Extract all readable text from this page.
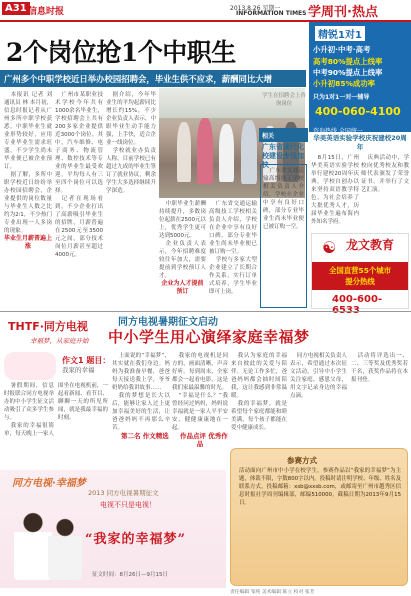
A31 信息时报	2013.8.26 星期一
INFORMATION TIMES 学周刊·热点
2个岗位抢1个中职生
广州多个中职学校近日举办校园招聘会，毕业生供不应求，薪酬同比大增
精锐1对1
小升初·中考·高考
高考80%提点上线率
中考90%提点上线率
小升初85%成功率
只为1对1一对一辅导
400-060-4100
咨询热线 全国统一

本报讯 记者 刘 通讯员 林 本月初，信息时报记者从广州多所中职学校获悉，中职毕业生就业形势较好，应用专业毕业生需求旺盛，不少学生尚未毕业便已被企业预订。

据了解，多所中职学校近日纷纷举办校园招聘会，企业提供的岗位数量与毕业生人数之比约为2∶1，不少热门专业出现一人多岗的现象。

毕业生月薪普遍上涨

广州市某职业技术学校今年共有1000余名毕业生，学校招聘会上共有200多家企业提供近3000个岗位。其中，汽车维修、电子商务、物流管理、数控技术等专业的毕业生最受欢迎，平均每人有三至四个岗位可以选择。

记者在现场看到，不少企业打出了高薪吸引毕业生的招牌，月薪普遍在2500元至3500元之间，部分技术岗位月薪甚至超过4000元。

据介绍，今年毕业生的平均起薪同比增长约15%。不少企业负责人表示，中职毕业生动手能力强，上手快，适合企业一线岗位。

学校就业办负责人称，目前学校已有超过九成的毕业生签订了就业协议，剩余学生大多选择继续升学深造。

学生在招聘会上咨询岗位

中职毕业生薪酬持续提升，多数岗位起薪在2500元以上，优秀学生更可达到5000元。

企业负责人表示，今年招聘难度较往年加大，需要提前到学校预订人才。

企业为人才提前预订

广东省交通运输高级技工学校相关负责人介绍，学校在企业中享有良好口碑，部分专业毕业生尚未毕业便已被订购一空。

学校与多家大型企业建立了长期合作关系，实行订单式培养，学生毕业即可上岗。

相关
广东省现代化校建设步伐加快

广东省交通运输高级技工学校相关负责人介绍，学校在企业中享有良好口碑，部分专业毕业生尚未毕业便已被订购一空。

华美英语实验学校庆祝建校20周年

8月15日，广州华美英语实验学校举行建校20周年庆典。学校自创办以来坚持双语教学特色，为社会培养了大批优秀人才，历届毕业生遍布海内外知名学府。

庆典活动中，学校向优秀校友和教师代表颁发了荣誉证书，并举行了文艺汇演。

龙文教育
☯
全国直营55个城市
提分热线
400-600-
THTF·同方电视
幸福梦，从家庭开始
同方电视暑期征文启动
中小学生用心演绎家庭幸福梦
作文1 题目：
我家的幸福

暑假期间，信息时报联合同方电视举办的中小学生征文活动吸引了众多学生参与。

我家的幸福很简单，每天晚上一家人围坐在电视机前，一起看新闻、看节目、聊聊一天的所见所闻，就是我最幸福的时刻。

上面说的“幸福梦”，其实就在我们身边。妈妈为我准备早餐，爸爸每天接送我上学，爷爷奶奶给我讲故事……

我的梦想是长大以后，能够让家人过上更加幸福美好的生活，让爸爸妈妈不再那么辛苦。

第二名 作文精选

我家的电视机是同方的，画面清晰，声音好听。每到周末，全家都会一起看电影，这是我们家最温馨的时光。

“幸福是什么？”我曾经问过妈妈，妈妈说幸福就是一家人平平安安、健健康康地在一起。

作品点评 优秀作品

我认为家庭的幸福来自彼此的关爱与陪伴。无论工作多忙，爸爸妈妈都会抽时间陪我，这让我感到非常温暖。

我的幸福梦，就是希望每个家庭都能和睦美满，每个孩子都能在爱中健康成长。

同方电视相关负责人表示，希望通过本次征文活动，引导中小学生关注家庭、感恩父母，用文字记录身边的幸福点滴。

活动将评选出一、二、三等奖及优秀奖若干名，获奖作品将在本报刊登。

同方电视·幸福梦
2013 同方电视暑期征文
电视不只是电视！
“我家的幸福梦”
征文时间：8月26日—9月15日
参赛方式
活动面向广州市中小学在校学生，参赛作品以“我家的幸福梦”为主题，体裁不限，字数800字以内。投稿时请注明学校、年级、姓名及联系方式。投稿邮箱：xsb@xxsb.com，或邮寄至广州市越秀区信息时报社学周刊编辑部，邮编510000。截稿日期为2013年9月15日。
责任编辑 邹纯 美术编辑 陈立 校对 张芳
